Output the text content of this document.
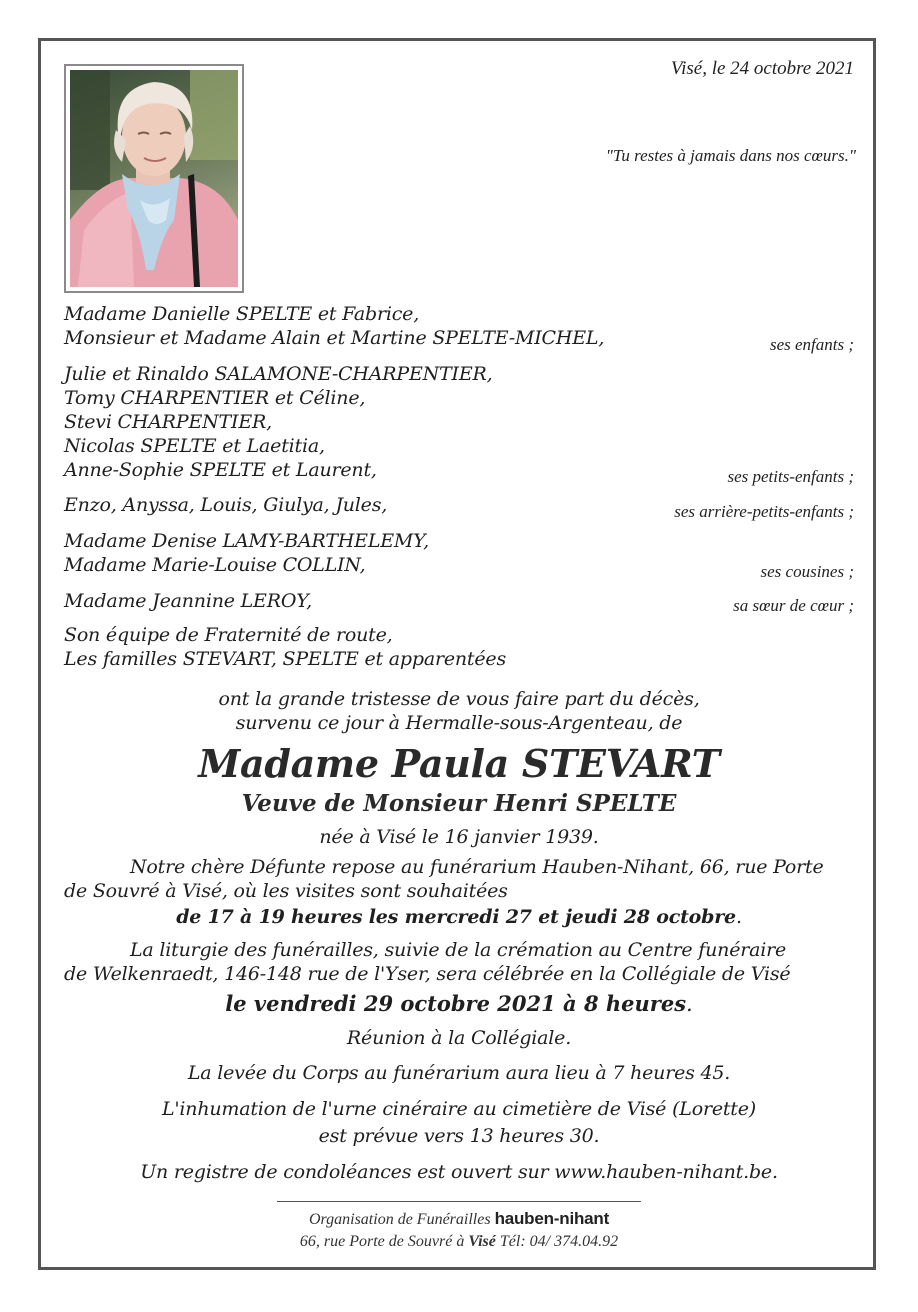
Visé, le 24 octobre 2021
"Tu restes à jamais dans nos cœurs."
Madame Danielle SPELTE et Fabrice,
Monsieur et Madame Alain et Martine SPELTE-MICHEL,	ses enfants ;
Julie et Rinaldo SALAMONE-CHARPENTIER,
Tomy CHARPENTIER et Céline,
Stevi CHARPENTIER,
Nicolas SPELTE et Laetitia,
Anne-Sophie SPELTE et Laurent,	ses petits-enfants ;
Enzo, Anyssa, Louis, Giulya, Jules,	ses arrière-petits-enfants ;
Madame Denise LAMY-BARTHELEMY,
Madame Marie-Louise COLLIN,	ses cousines ;
Madame Jeannine LEROY,	sa sœur de cœur ;
Son équipe de Fraternité de route,
Les familles STEVART, SPELTE et apparentées
ont la grande tristesse de vous faire part du décès,
survenu ce jour à Hermalle-sous-Argenteau, de
Madame Paula STEVART
Veuve de Monsieur Henri SPELTE
née à Visé le 16 janvier 1939.
Notre chère Défunte repose au funérarium Hauben-Nihant, 66, rue Porte
de Souvré à Visé, où les visites sont souhaitées
de 17 à 19 heures les mercredi 27 et jeudi 28 octobre.
La liturgie des funérailles, suivie de la crémation au Centre funéraire
de Welkenraedt, 146-148 rue de l'Yser, sera célébrée en la Collégiale de Visé
le vendredi 29 octobre 2021 à 8 heures.
Réunion à la Collégiale.
La levée du Corps au funérarium aura lieu à 7 heures 45.
L'inhumation de l'urne cinéraire au cimetière de Visé (Lorette)
est prévue vers 13 heures 30.
Un registre de condoléances est ouvert sur www.hauben-nihant.be.
Organisation de Funérailles hauben-nihant
66, rue Porte de Souvré à Visé Tél: 04/ 374.04.92
